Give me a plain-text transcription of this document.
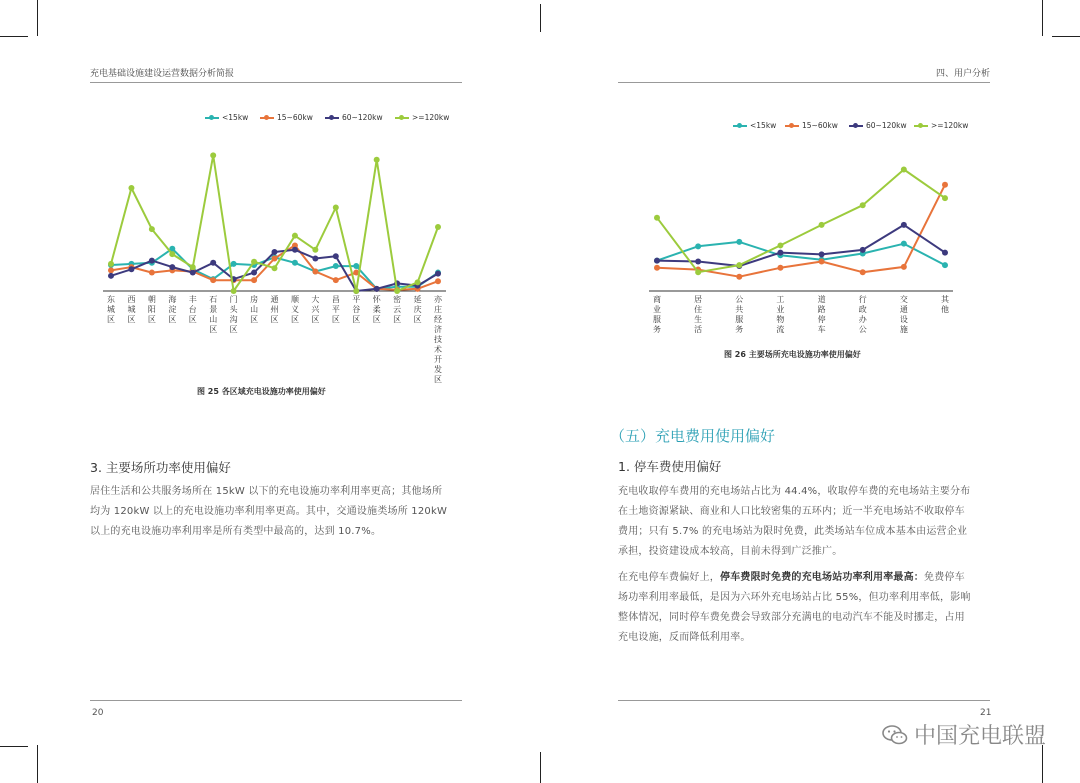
充电基础设施建设运营数据分析简报
<15kw	15~60kw	60~120kw	>=120kw
东城区
西城区
朝阳区
海淀区
丰台区
石景山区
门头沟区
房山区
通州区
顺义区
大兴区
昌平区
平谷区
怀柔区
密云区
延庆区
亦庄经济技术开发区
图 25 各区域充电设施功率使用偏好
3. 主要场所功率使用偏好
居住生活和公共服务场所在 15kW 以下的充电设施功率利用率更高；其他场所
均为 120kW 以上的充电设施功率利用率更高。其中，交通设施类场所 120kW
以上的充电设施功率利用率是所有类型中最高的，达到 10.7%。
20
四、用户分析
<15kw	15~60kw	60~120kw	>=120kw
商业服务
居住生活
公共服务
工业物流
道路停车
行政办公
交通设施
其他
图 26 主要场所充电设施功率使用偏好
（五）充电费用使用偏好
1. 停车费使用偏好
充电收取停车费用的充电场站占比为 44.4%，收取停车费的充电场站主要分布
在土地资源紧缺、商业和人口比较密集的五环内；近一半充电场站不收取停车
费用；只有 5.7% 的充电场站为限时免费，此类场站车位成本基本由运营企业
承担，投资建设成本较高，目前未得到广泛推广。
在充电停车费偏好上，停车费限时免费的充电场站功率利用率最高：免费停车
场功率利用率最低，是因为六环外充电场站占比 55%，但功率利用率低，影响
整体情况，同时停车费免费会导致部分充满电的电动汽车不能及时挪走，占用
充电设施，反而降低利用率。
21
中国充电联盟
